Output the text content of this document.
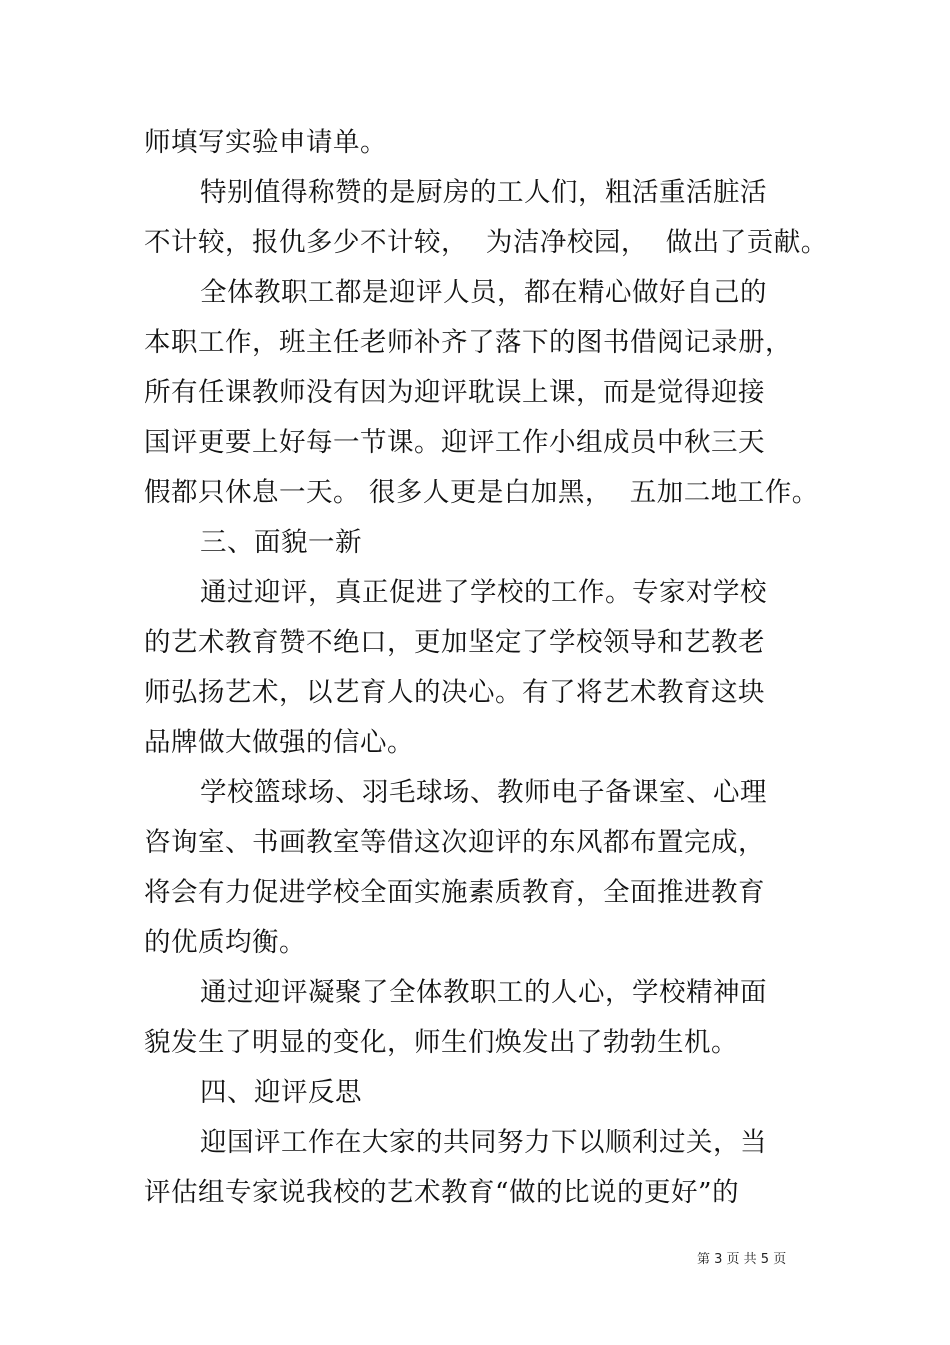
师填写实验申请单。
特别值得称赞的是厨房的工人们，粗活重活脏活
不计较，报仇多少不计较，  为洁净校园，  做出了贡献。
全体教职工都是迎评人员，都在精心做好自己的
本职工作，班主任老师补齐了落下的图书借阅记录册，
所有任课教师没有因为迎评耽误上课，而是觉得迎接
国评更要上好每一节课。迎评工作小组成员中秋三天
假都只休息一天。 很多人更是白加黑，  五加二地工作。
三、面貌一新
通过迎评，真正促进了学校的工作。专家对学校
的艺术教育赞不绝口，更加坚定了学校领导和艺教老
师弘扬艺术，以艺育人的决心。有了将艺术教育这块
品牌做大做强的信心。
学校篮球场、羽毛球场、教师电子备课室、心理
咨询室、书画教室等借这次迎评的东风都布置完成，
将会有力促进学校全面实施素质教育，全面推进教育
的优质均衡。
通过迎评凝聚了全体教职工的人心，学校精神面
貌发生了明显的变化，师生们焕发出了勃勃生机。
四、迎评反思
迎国评工作在大家的共同努力下以顺利过关，当
评估组专家说我校的艺术教育“做的比说的更好”的
第 3 页 共 5 页
